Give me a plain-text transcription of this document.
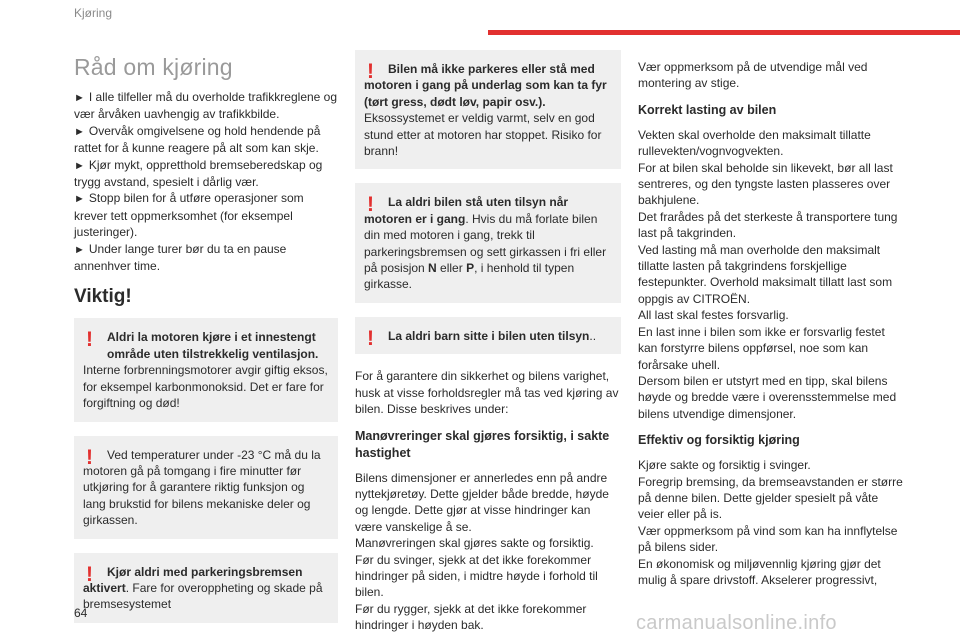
Kjøring
Råd om kjøring
► I alle tilfeller må du overholde trafikkreglene og vær årvåken uavhengig av trafikkbilde.
► Overvåk omgivelsene og hold hendende på rattet for å kunne reagere på alt som kan skje.
► Kjør mykt, oppretthold bremseberedskap og trygg avstand, spesielt i dårlig vær.
► Stopp bilen for å utføre operasjoner som krever tett oppmerksomhet (for eksempel justeringer).
► Under lange turer bør du ta en pause annenhver time.
Viktig!
!	Aldri la motoren kjøre i et innestengt område uten tilstrekkelig ventilasjon.
Interne forbrenningsmotorer avgir giftig eksos, for eksempel karbonmonoksid. Det er fare for forgiftning og død!
!	Ved temperaturer under -23 °C må du la motoren gå på tomgang i fire minutter før utkjøring for å garantere riktig funksjon og lang brukstid for bilens mekaniske deler og girkassen.
!	Kjør aldri med parkeringsbremsen aktivert. Fare for overoppheting og skade på bremsesystemet
!	Bilen må ikke parkeres eller stå med motoren i gang på underlag som kan ta fyr (tørt gress, dødt løv, papir osv.).
Eksossystemet er veldig varmt, selv en god stund etter at motoren har stoppet. Risiko for brann!
!	La aldri bilen stå uten tilsyn når motoren er i gang. Hvis du må forlate bilen din med motoren i gang, trekk til parkeringsbremsen og sett girkassen i fri eller på posisjon N eller P, i henhold til typen girkasse.
!	La aldri barn sitte i bilen uten tilsyn..

For å garantere din sikkerhet og bilens varighet, husk at visse forholdsregler må tas ved kjøring av bilen. Disse beskrives under:

Manøvreringer skal gjøres forsiktig, i sakte hastighet

Bilens dimensjoner er annerledes enn på andre nyttekjøretøy. Dette gjelder både bredde, høyde og lengde. Dette gjør at visse hindringer kan være vanskelige å se.

Manøvreringen skal gjøres sakte og forsiktig.

Før du svinger, sjekk at det ikke forekommer hindringer på siden, i midtre høyde i forhold til bilen.

Før du rygger, sjekk at det ikke forekommer hindringer i høyden bak.

Vær oppmerksom på de utvendige mål ved montering av stige.

Korrekt lasting av bilen

Vekten skal overholde den maksimalt tillatte rullevekten/vognvogvekten.

For at bilen skal beholde sin likevekt, bør all last sentreres, og den tyngste lasten plasseres over bakhjulene.

Det frarådes på det sterkeste å transportere tung last på takgrinden.

Ved lasting må man overholde den maksimalt tillatte lasten på takgrindens forskjellige festepunkter. Overhold maksimalt tillatt last som oppgis av CITROËN.

All last skal festes forsvarlig.

En last inne i bilen som ikke er forsvarlig festet kan forstyrre bilens oppførsel, noe som kan forårsake uhell.

Dersom bilen er utstyrt med en tipp, skal bilens høyde og bredde være i overensstemmelse med bilens utvendige dimensjoner.

Effektiv og forsiktig kjøring

Kjøre sakte og forsiktig i svinger.

Foregrip bremsing, da bremseavstanden er større på denne bilen. Dette gjelder spesielt på våte veier eller på is.

Vær oppmerksom på vind som kan ha innflytelse på bilens sider.

En økonomisk og miljøvennlig kjøring gjør det mulig å spare drivstoff. Akselerer progressivt,

64	carmanualsonline.info
